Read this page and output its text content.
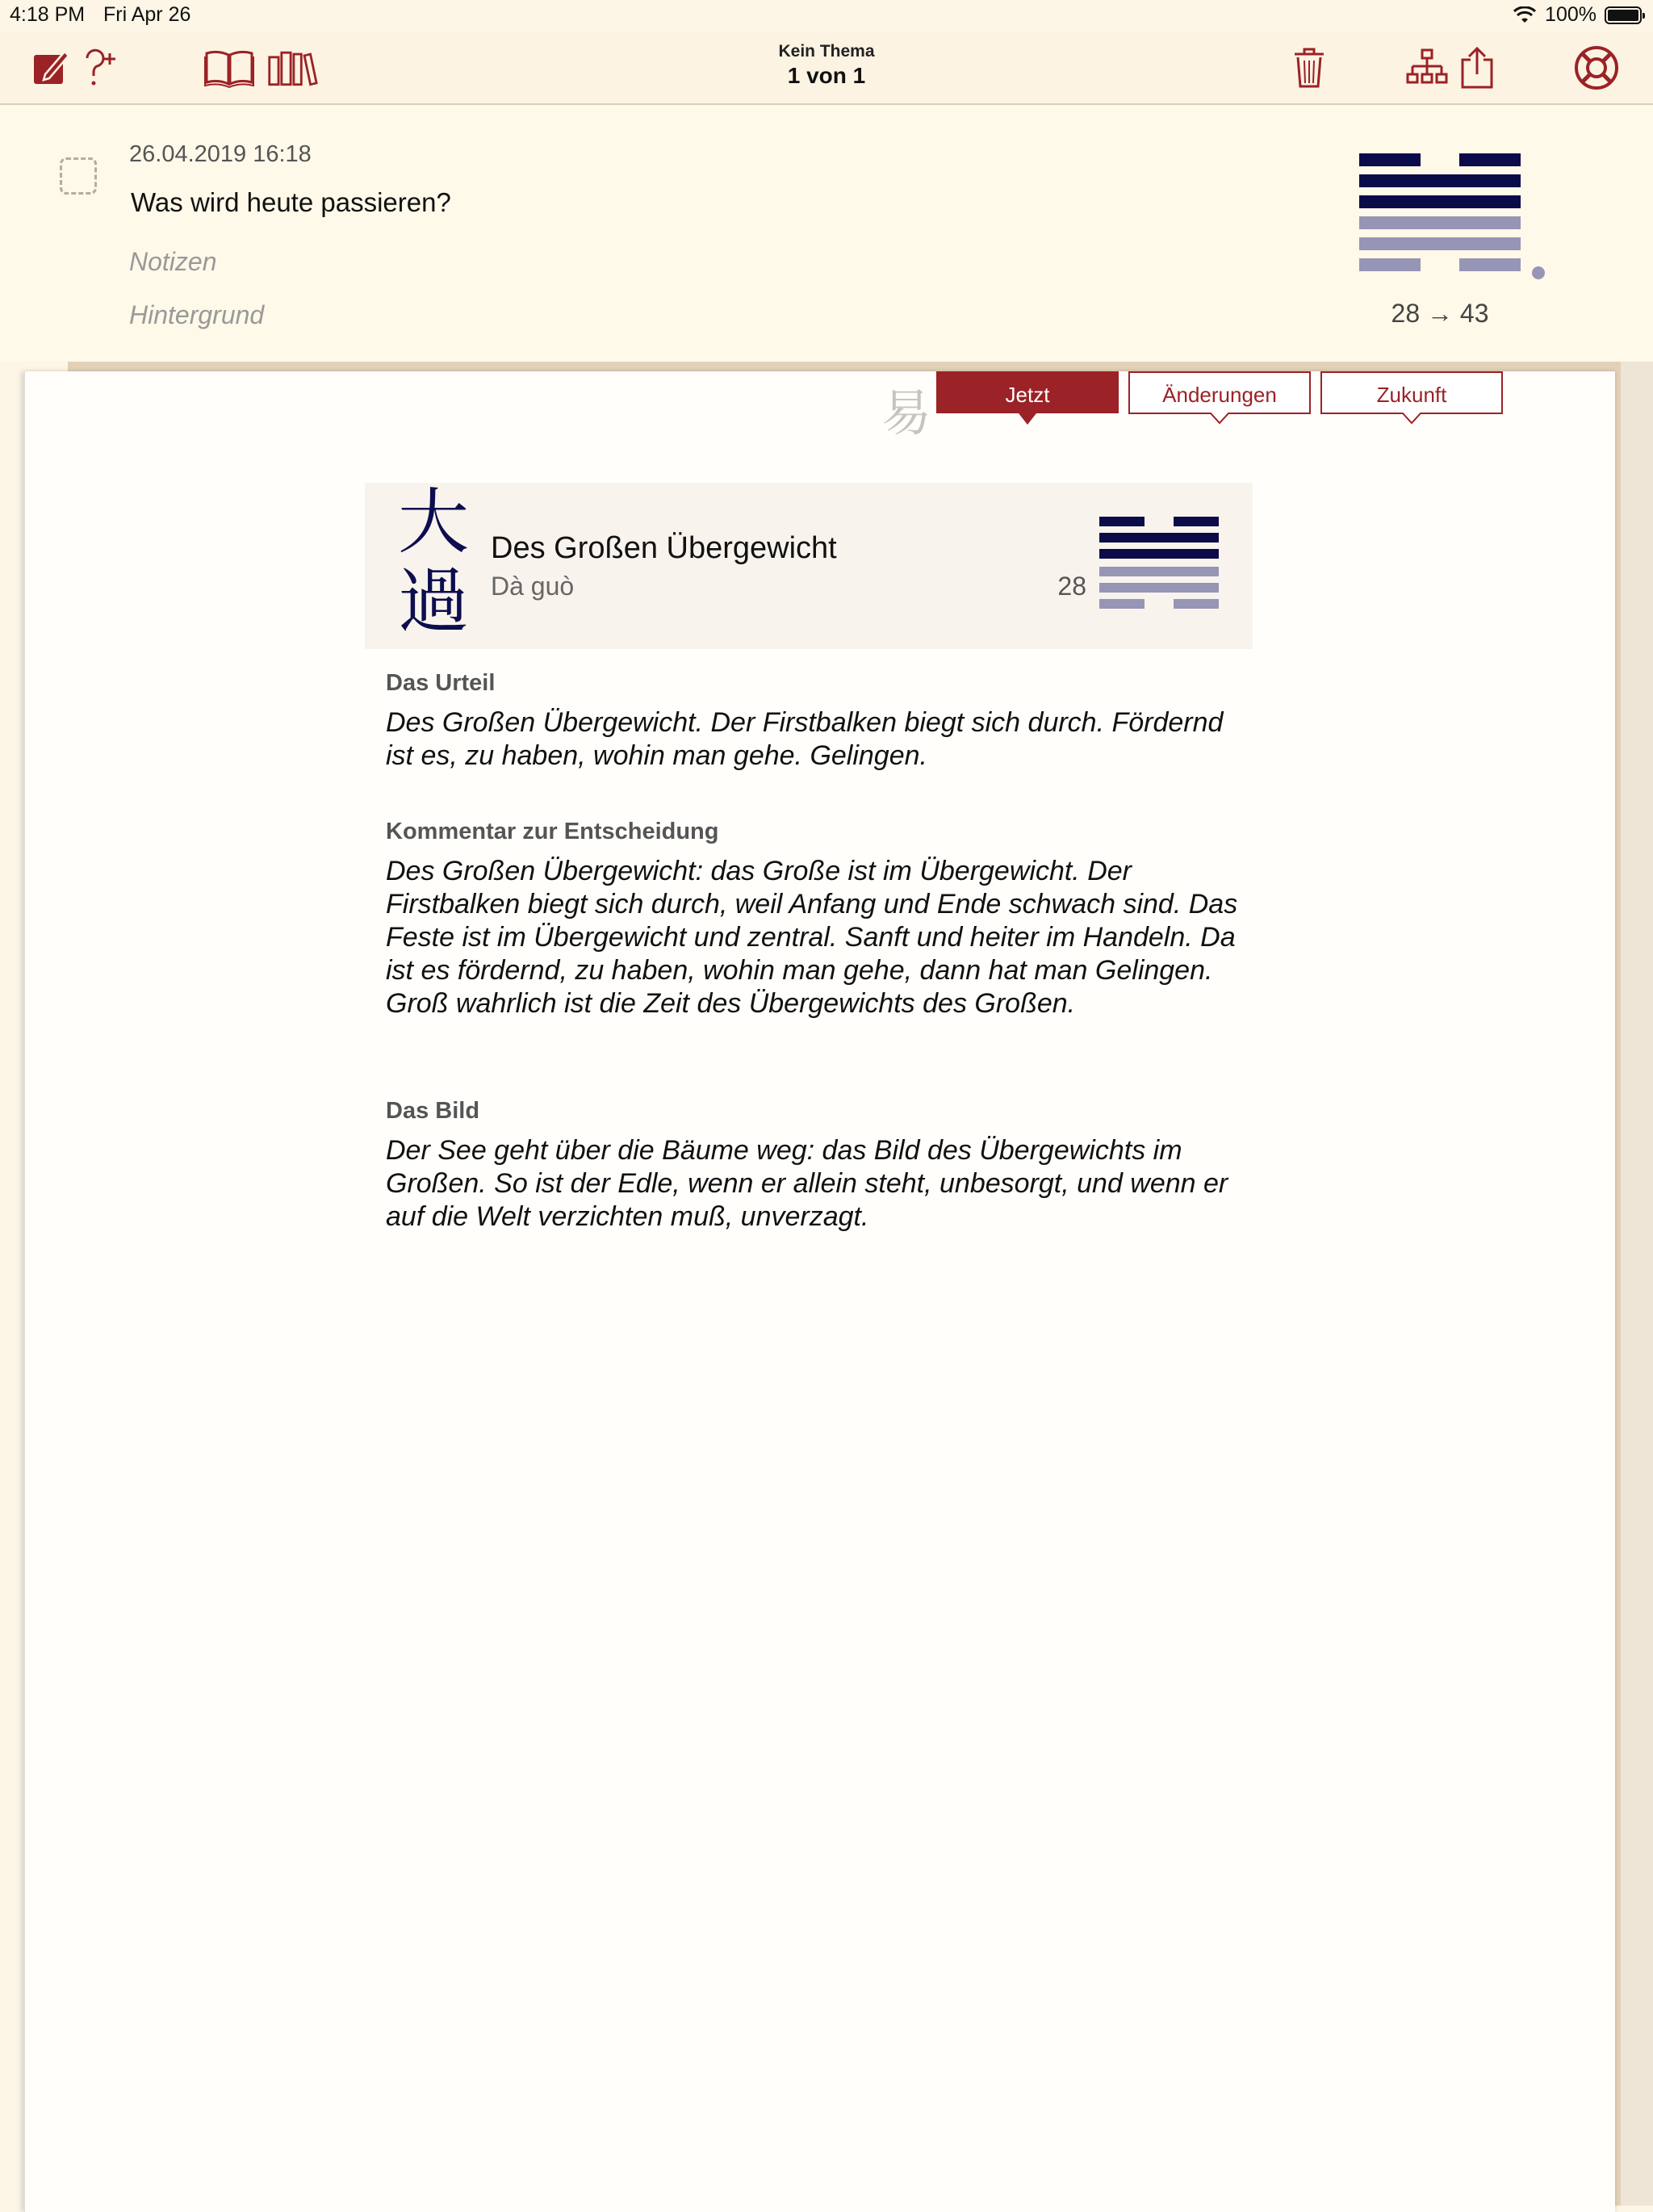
4:18 PM Fri Apr 26	100%
Kein Thema
1 von 1
26.04.2019 16:18
Was wird heute passieren?
Notizen
Hintergrund	28 → 43
易	Jetzt	Änderungen	Zukunft
大
過
Des Großen Übergewicht
Dà guò	28
Das Urteil
Des Großen Übergewicht. Der Firstbalken biegt sich durch. Fördernd ist es, zu haben, wohin man gehe. Gelingen.
Kommentar zur Entscheidung
Des Großen Übergewicht: das Große ist im Übergewicht. Der Firstbalken biegt sich durch, weil Anfang und Ende schwach sind. Das Feste ist im Übergewicht und zentral. Sanft und heiter im Handeln. Da ist es fördernd, zu haben, wohin man gehe, dann hat man Gelingen. Groß wahrlich ist die Zeit des Übergewichts des Großen.
Das Bild
Der See geht über die Bäume weg: das Bild des Übergewichts im Großen. So ist der Edle, wenn er allein steht, unbesorgt, und wenn er auf die Welt verzichten muß, unverzagt.
